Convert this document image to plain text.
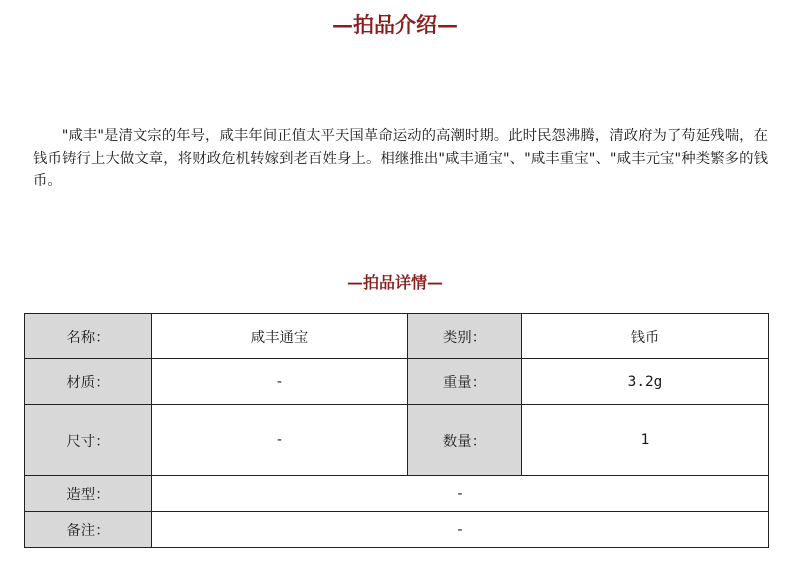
—拍品介绍—

"咸丰"是清文宗的年号，咸丰年间正值太平天国革命运动的高潮时期。此时民怨沸腾，清政府为了苟延残喘，在钱币铸行上大做文章，将财政危机转嫁到老百姓身上。相继推出"咸丰通宝"、"咸丰重宝"、"咸丰元宝"种类繁多的钱币。

—拍品详情—
名称：	咸丰通宝	类别：	钱币
材质：	-	重量：	3.2g
尺寸：	-	数量：	1
造型：	-		
备注：	-		
